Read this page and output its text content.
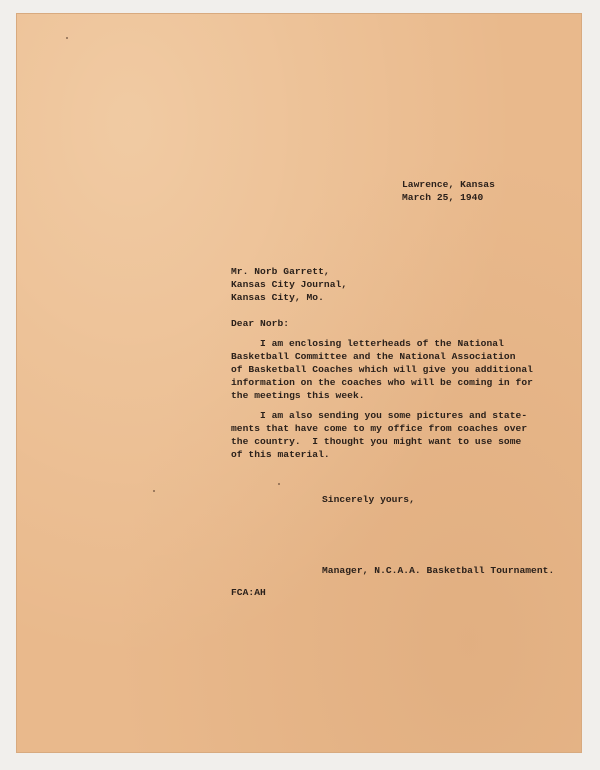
Lawrence, Kansas
March 25, 1940
Mr. Norb Garrett,
Kansas City Journal,
Kansas City, Mo.
Dear Norb:
I am enclosing letterheads of the National
Basketball Committee and the National Association
of Basketball Coaches which will give you additional
information on the coaches who will be coming in for
the meetings this week.
I am also sending you some pictures and state-
ments that have come to my office from coaches over
the country.  I thought you might want to use some
of this material.
Sincerely yours,
Manager, N.C.A.A. Basketball Tournament.
FCA:AH
